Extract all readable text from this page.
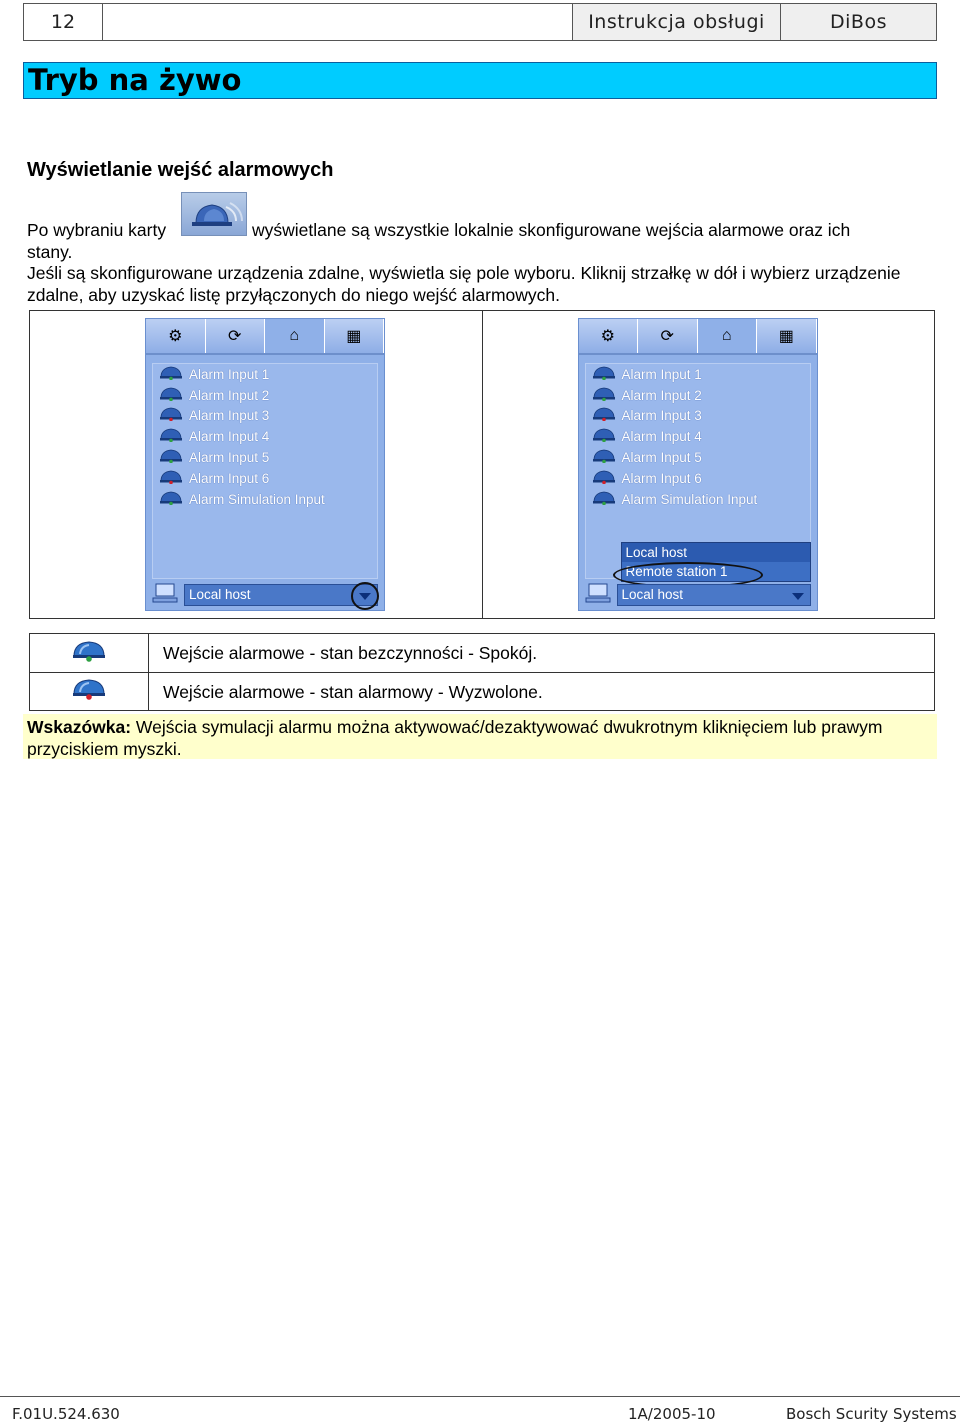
12	Instrukcja obsługi	DiBos
Tryb na żywo
Wyświetlanie wejść alarmowych
Po wybraniu karty	wyświetlane są wszystkie lokalnie skonfigurowane wejścia alarmowe oraz ich
stany.
Jeśli są skonfigurowane urządzenia zdalne, wyświetla się pole wyboru. Kliknij strzałkę w dół i wybierz urządzenie zdalne, aby uzyskać listę przyłączonych do niego wejść alarmowych.
⚙	⟳	⌂	▦
Alarm Input 1
Alarm Input 2
Alarm Input 3
Alarm Input 4
Alarm Input 5
Alarm Input 6
Alarm Simulation Input
Local host
⚙	⟳	⌂	▦
Alarm Input 1
Alarm Input 2
Alarm Input 3
Alarm Input 4
Alarm Input 5
Alarm Input 6
Alarm Simulation Input
Local host
Remote station 1
Local host
Wejście alarmowe - stan bezczynności - Spokój.
Wejście alarmowe - stan alarmowy - Wyzwolone.
Wskazówka: Wejścia symulacji alarmu można aktywować/dezaktywować dwukrotnym kliknięciem lub prawym przyciskiem myszki.
F.01U.524.630	1A/2005-10	Bosch Scurity Systems
